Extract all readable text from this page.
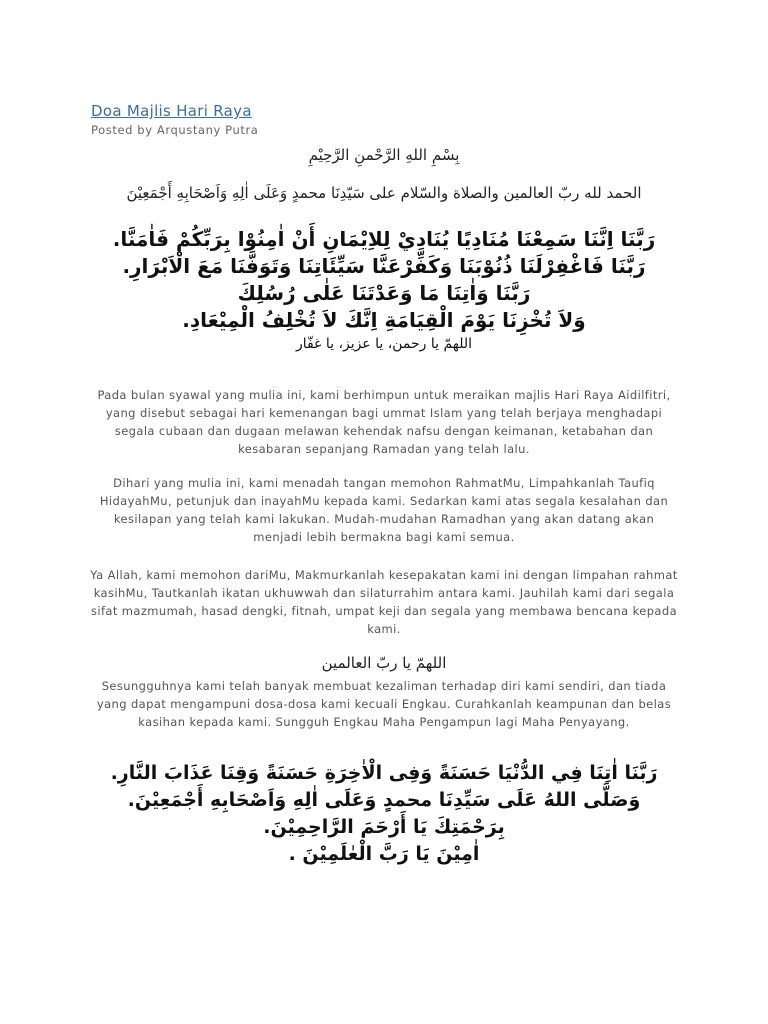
Doa Majlis Hari Raya
Posted by Arqustany Putra
بِسْمِ اللهِ الرَّحْمنِ الرَّحِيْمِ
الحمد لله ربّ العالمين والصلاة والسّلام على سَيّدِنَا محمدٍ وَعَلَى اٰلِهِ وَاَصْحَابِهِ أَجْمَعِيْنَ
رَبَّنَا اِنَّنَا سَمِعْنَا مُنَادِيًا يُنَادِيْ لِلاِيْمَانِ أَنْ اٰمِنُوْا بِرَبِّكُمْ فَاٰمَنَّا.
رَبَّنَا فَاغْفِرْلَنَا ذُنُوْبَنَا وَكَفِّرْعَنَّا سَيِّئَاتِنَا وَتَوَفَّنَا مَعَ الْاَبْرَارِ.
رَبَّنَا وَاٰتِنَا مَا وَعَدْتَنَا عَلٰى رُسُلِكَ
وَلاَ تُخْزِنَا يَوْمَ الْقِيَامَةِ اِنَّكَ لاَ تُخْلِفُ الْمِيْعَادِ.
اللهمّ يا رحمن، يا عزيز، يا غفّار

Pada bulan syawal yang mulia ini, kami berhimpun untuk meraikan majlis Hari Raya Aidilfitri, yang disebut sebagai hari kemenangan bagi ummat Islam yang telah berjaya menghadapi segala cubaan dan dugaan melawan kehendak nafsu dengan keimanan, ketabahan dan kesabaran sepanjang Ramadan yang telah lalu.

Dihari yang mulia ini, kami menadah tangan memohon RahmatMu, Limpahkanlah Taufiq HidayahMu, petunjuk dan inayahMu kepada kami. Sedarkan kami atas segala kesalahan dan kesilapan yang telah kami lakukan. Mudah-mudahan Ramadhan yang akan datang akan menjadi lebih bermakna bagi kami semua.

Ya Allah, kami memohon dariMu, Makmurkanlah kesepakatan kami ini dengan limpahan rahmat kasihMu, Tautkanlah ikatan ukhuwwah dan silaturrahim antara kami. Jauhilah kami dari segala sifat mazmumah, hasad dengki, fitnah, umpat keji dan segala yang membawa bencana kepada kami.

اللهمّ يا ربّ العالمين

Sesungguhnya kami telah banyak membuat kezaliman terhadap diri kami sendiri, dan tiada yang dapat mengampuni dosa-dosa kami kecuali Engkau. Curahkanlah keampunan dan belas kasihan kepada kami. Sungguh Engkau Maha Pengampun lagi Maha Penyayang.

رَبَّنَا اٰتِنَا فِي الدُّنْيَا حَسَنَةً وَفِى الْاٰخِرَةِ حَسَنَةً وَقِنَا عَذَابَ النَّارِ.
وَصَلَّى اللهُ عَلَى سَيِّدِنَا محمدٍ وَعَلَى اٰلِهِ وَاَصْحَابِهِ أَجْمَعِيْنَ.
بِرَحْمَتِكَ يَا أَرْحَمَ الرَّاحِمِيْنَ.
اٰمِيْنَ يَا رَبَّ الْعٰلَمِيْنَ .
